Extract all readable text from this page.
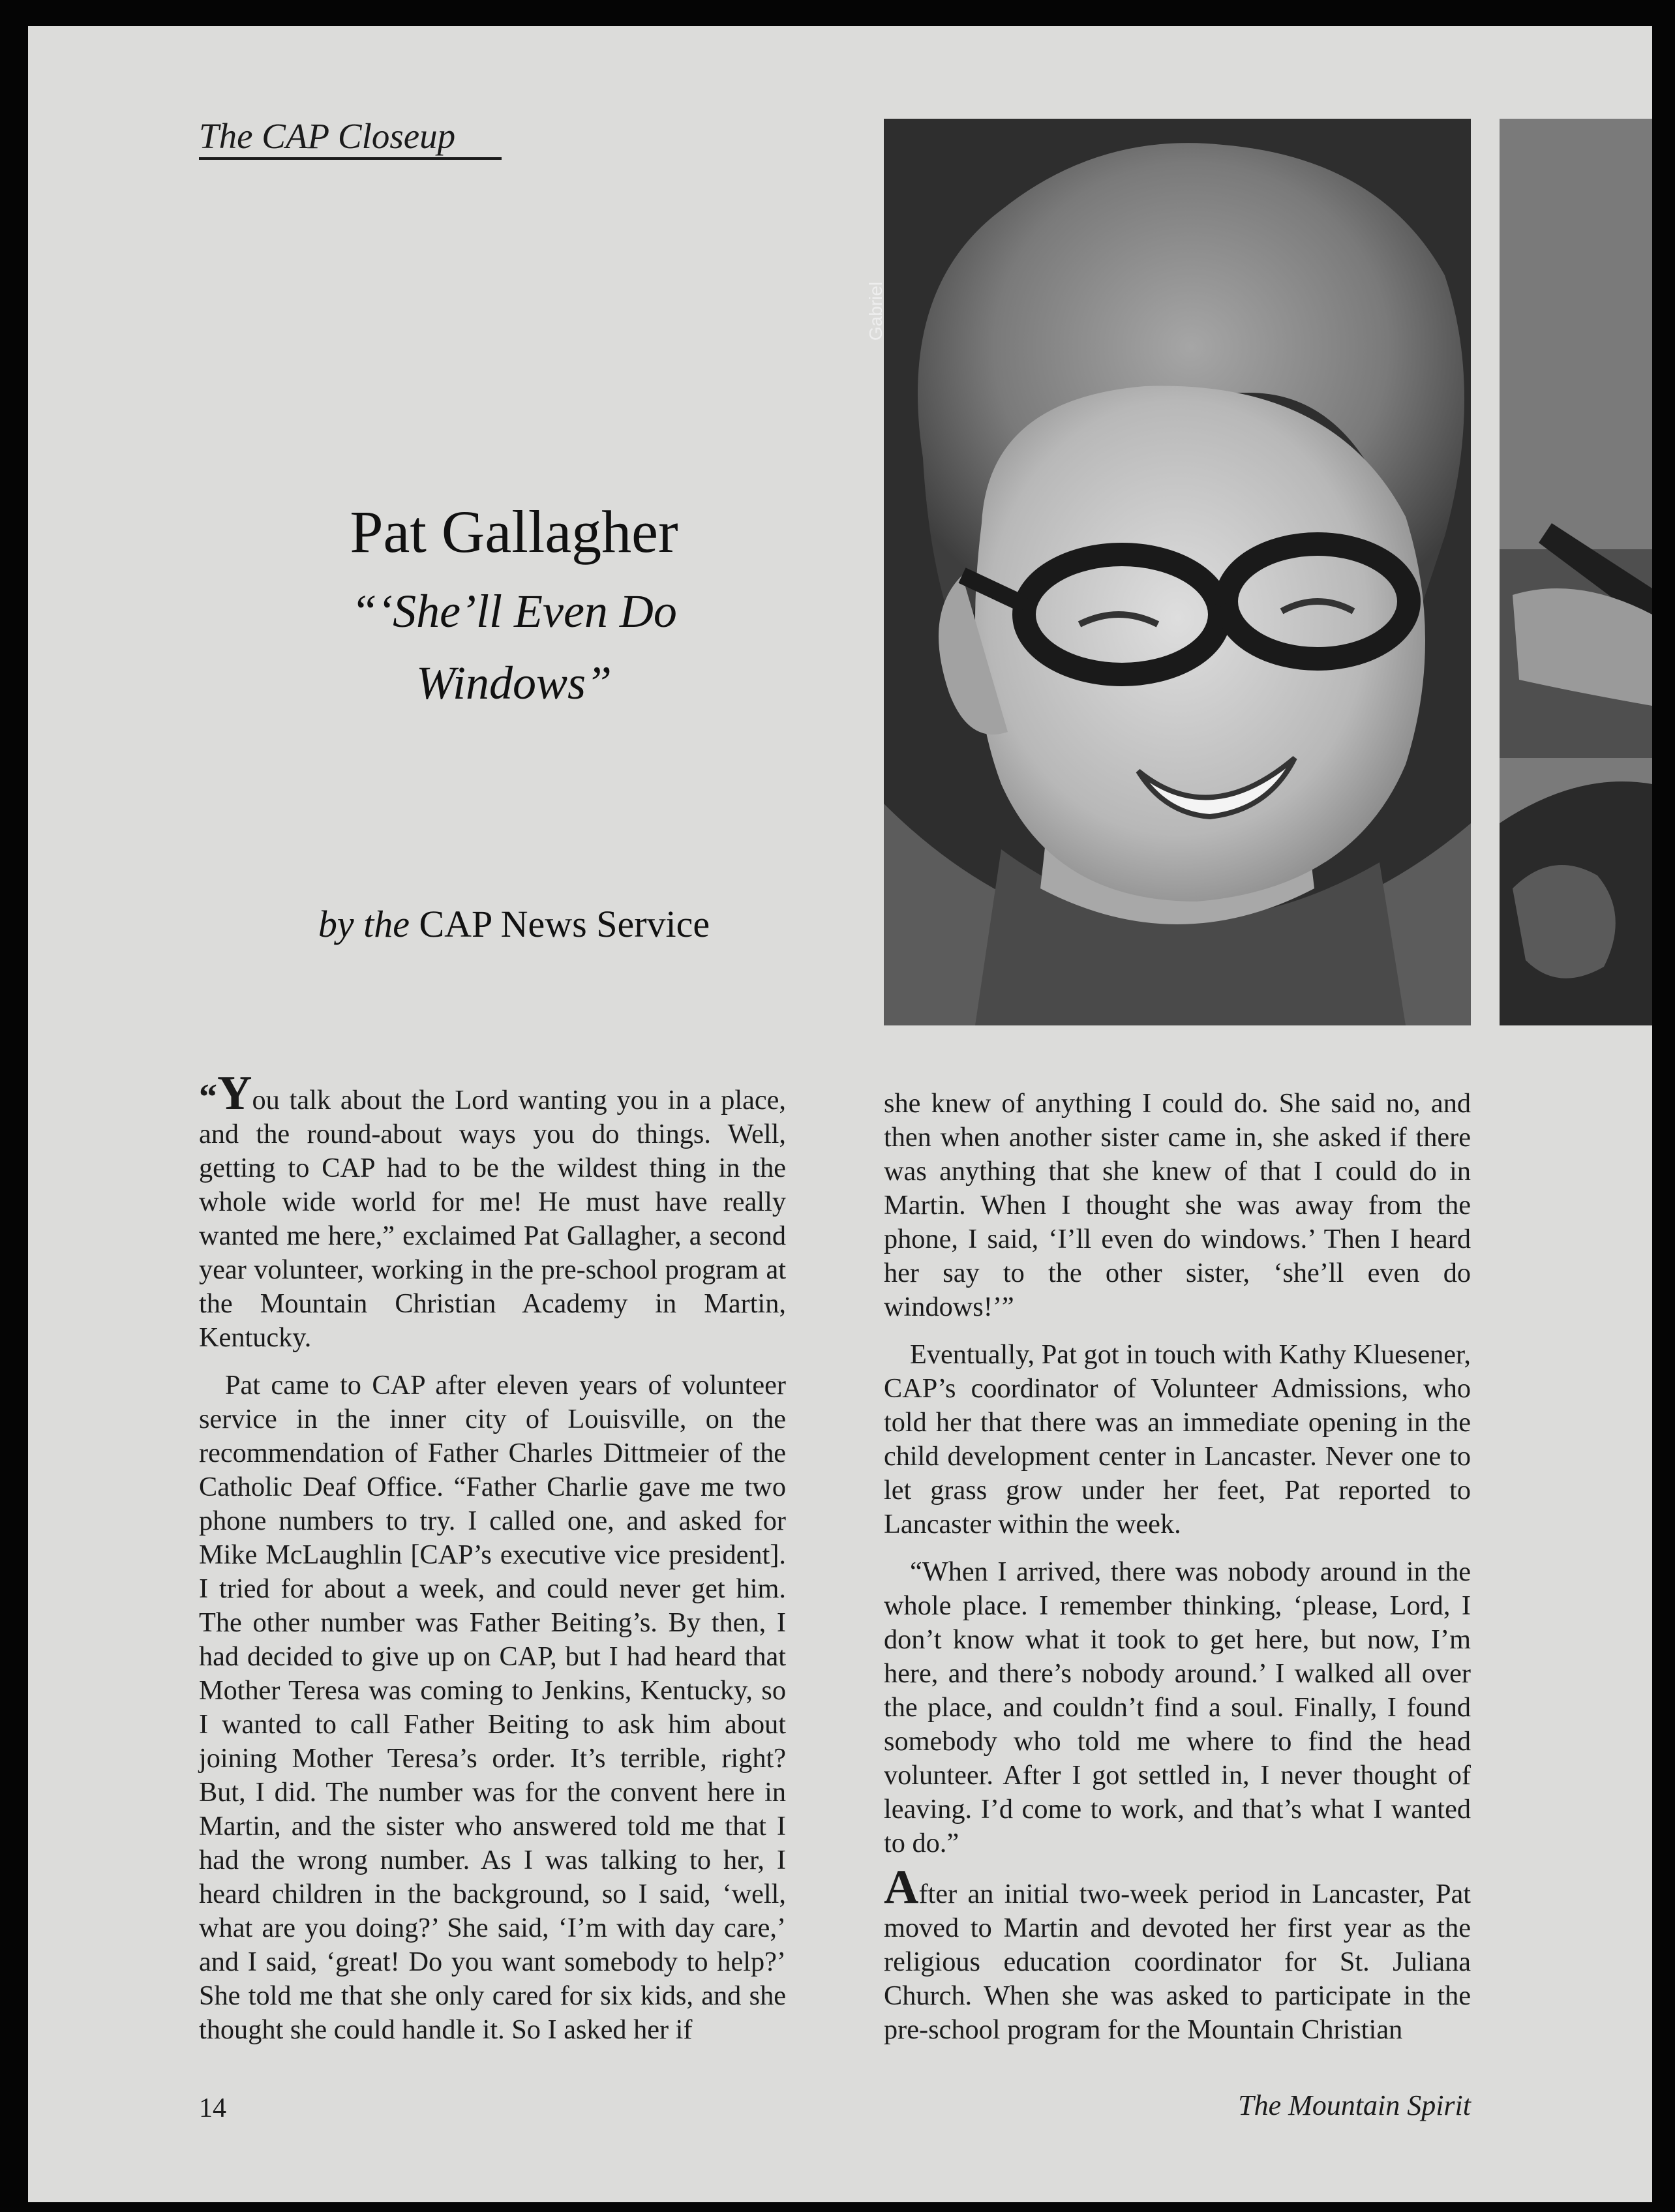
The CAP Closeup
Pat Gallagher
“‘She’ll Even Do Windows”
by the CAP News Service
Gabriel

“You talk about the Lord wanting you in a place, and the round-about ways you do things. Well, getting to CAP had to be the wildest thing in the whole wide world for me! He must have really wanted me here,” exclaimed Pat Gallagher, a second year volunteer, working in the pre-school program at the Mountain Christian Academy in Martin, Kentucky.

Pat came to CAP after eleven years of volunteer service in the inner city of Louisville, on the recommendation of Father Charles Dittmeier of the Catholic Deaf Office. “Father Charlie gave me two phone numbers to try. I called one, and asked for Mike McLaughlin [CAP’s executive vice president]. I tried for about a week, and could never get him. The other number was Father Beiting’s. By then, I had decided to give up on CAP, but I had heard that Mother Teresa was coming to Jenkins, Kentucky, so I wanted to call Father Beiting to ask him about joining Mother Teresa’s order. It’s terrible, right? But, I did. The number was for the convent here in Martin, and the sister who answered told me that I had the wrong number. As I was talking to her, I heard children in the background, so I said, ‘well, what are you doing?’ She said, ‘I’m with day care,’ and I said, ‘great! Do you want somebody to help?’ She told me that she only cared for six kids, and she thought she could handle it. So I asked her if

she knew of anything I could do. She said no, and then when another sister came in, she asked if there was anything that she knew of that I could do in Martin. When I thought she was away from the phone, I said, ‘I’ll even do windows.’ Then I heard her say to the other sister, ‘she’ll even do windows!’”

Eventually, Pat got in touch with Kathy Kluesener, CAP’s coordinator of Volunteer Admissions, who told her that there was an immediate opening in the child development center in Lancaster. Never one to let grass grow under her feet, Pat reported to Lancaster within the week.

“When I arrived, there was nobody around in the whole place. I remember thinking, ‘please, Lord, I don’t know what it took to get here, but now, I’m here, and there’s nobody around.’ I walked all over the place, and couldn’t find a soul. Finally, I found somebody who told me where to find the head volunteer. After I got settled in, I never thought of leaving. I’d come to work, and that’s what I wanted to do.”

After an initial two-week period in Lancaster, Pat moved to Martin and devoted her first year as the religious education coordinator for St. Juliana Church. When she was asked to participate in the pre-school program for the Mountain Christian

14	The Mountain Spirit
